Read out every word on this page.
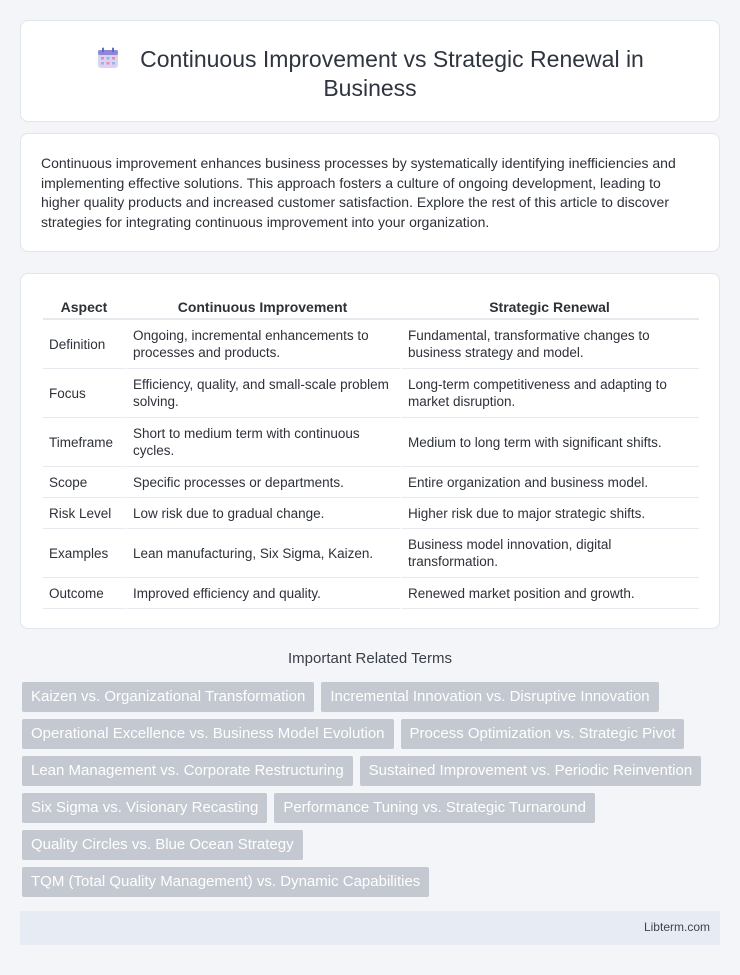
Continuous Improvement vs Strategic Renewal in Business

Continuous improvement enhances business processes by systematically identifying inefficiencies and implementing effective solutions. This approach fosters a culture of ongoing development, leading to higher quality products and increased customer satisfaction. Explore the rest of this article to discover strategies for integrating continuous improvement into your organization.

Aspect	Continuous Improvement	Strategic Renewal
Definition	Ongoing, incremental enhancements to processes and products.	Fundamental, transformative changes to business strategy and model.
Focus	Efficiency, quality, and small-scale problem solving.	Long-term competitiveness and adapting to market disruption.
Timeframe	Short to medium term with continuous cycles.	Medium to long term with significant shifts.
Scope	Specific processes or departments.	Entire organization and business model.
Risk Level	Low risk due to gradual change.	Higher risk due to major strategic shifts.
Examples	Lean manufacturing, Six Sigma, Kaizen.	Business model innovation, digital transformation.
Outcome	Improved efficiency and quality.	Renewed market position and growth.
Important Related Terms
Kaizen vs. Organizational Transformation	Incremental Innovation vs. Disruptive Innovation
Operational Excellence vs. Business Model Evolution	Process Optimization vs. Strategic Pivot
Lean Management vs. Corporate Restructuring	Sustained Improvement vs. Periodic Reinvention
Six Sigma vs. Visionary Recasting	Performance Tuning vs. Strategic Turnaround
Quality Circles vs. Blue Ocean Strategy
TQM (Total Quality Management) vs. Dynamic Capabilities
Libterm.com
